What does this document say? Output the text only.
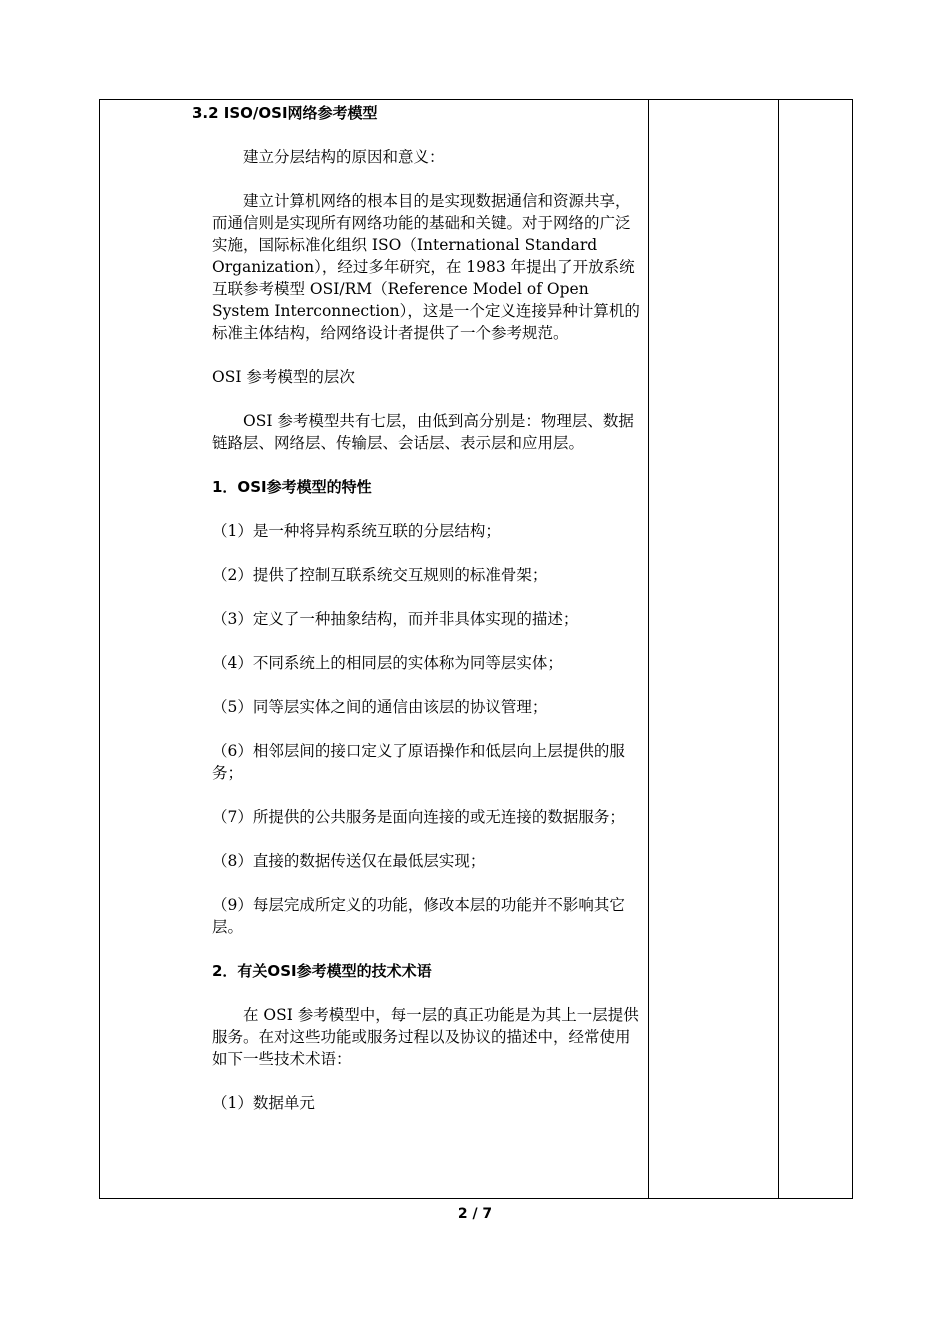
3.2 ISO/OSI网络参考模型

建立分层结构的原因和意义：

建立计算机网络的根本目的是实现数据通信和资源共享，而通信则是实现所有网络功能的基础和关键。对于网络的广泛实施，国际标准化组织 ISO（International Standard Organization），经过多年研究，在 1983 年提出了开放系统互联参考模型 OSI/RM（Reference Model of Open System Interconnection），这是一个定义连接异种计算机的标准主体结构，给网络设计者提供了一个参考规范。

OSI 参考模型的层次

OSI 参考模型共有七层，由低到高分别是：物理层、数据链路层、网络层、传输层、会话层、表示层和应用层。

1．OSI参考模型的特性

（1）是一种将异构系统互联的分层结构；

（2）提供了控制互联系统交互规则的标准骨架；

（3）定义了一种抽象结构，而并非具体实现的描述；

（4）不同系统上的相同层的实体称为同等层实体；

（5）同等层实体之间的通信由该层的协议管理；

（6）相邻层间的接口定义了原语操作和低层向上层提供的服务；

（7）所提供的公共服务是面向连接的或无连接的数据服务；

（8）直接的数据传送仅在最低层实现；

（9）每层完成所定义的功能，修改本层的功能并不影响其它层。

2．有关OSI参考模型的技术术语

在 OSI 参考模型中，每一层的真正功能是为其上一层提供服务。在对这些功能或服务过程以及协议的描述中，经常使用如下一些技术术语：

（1）数据单元

2 / 7
